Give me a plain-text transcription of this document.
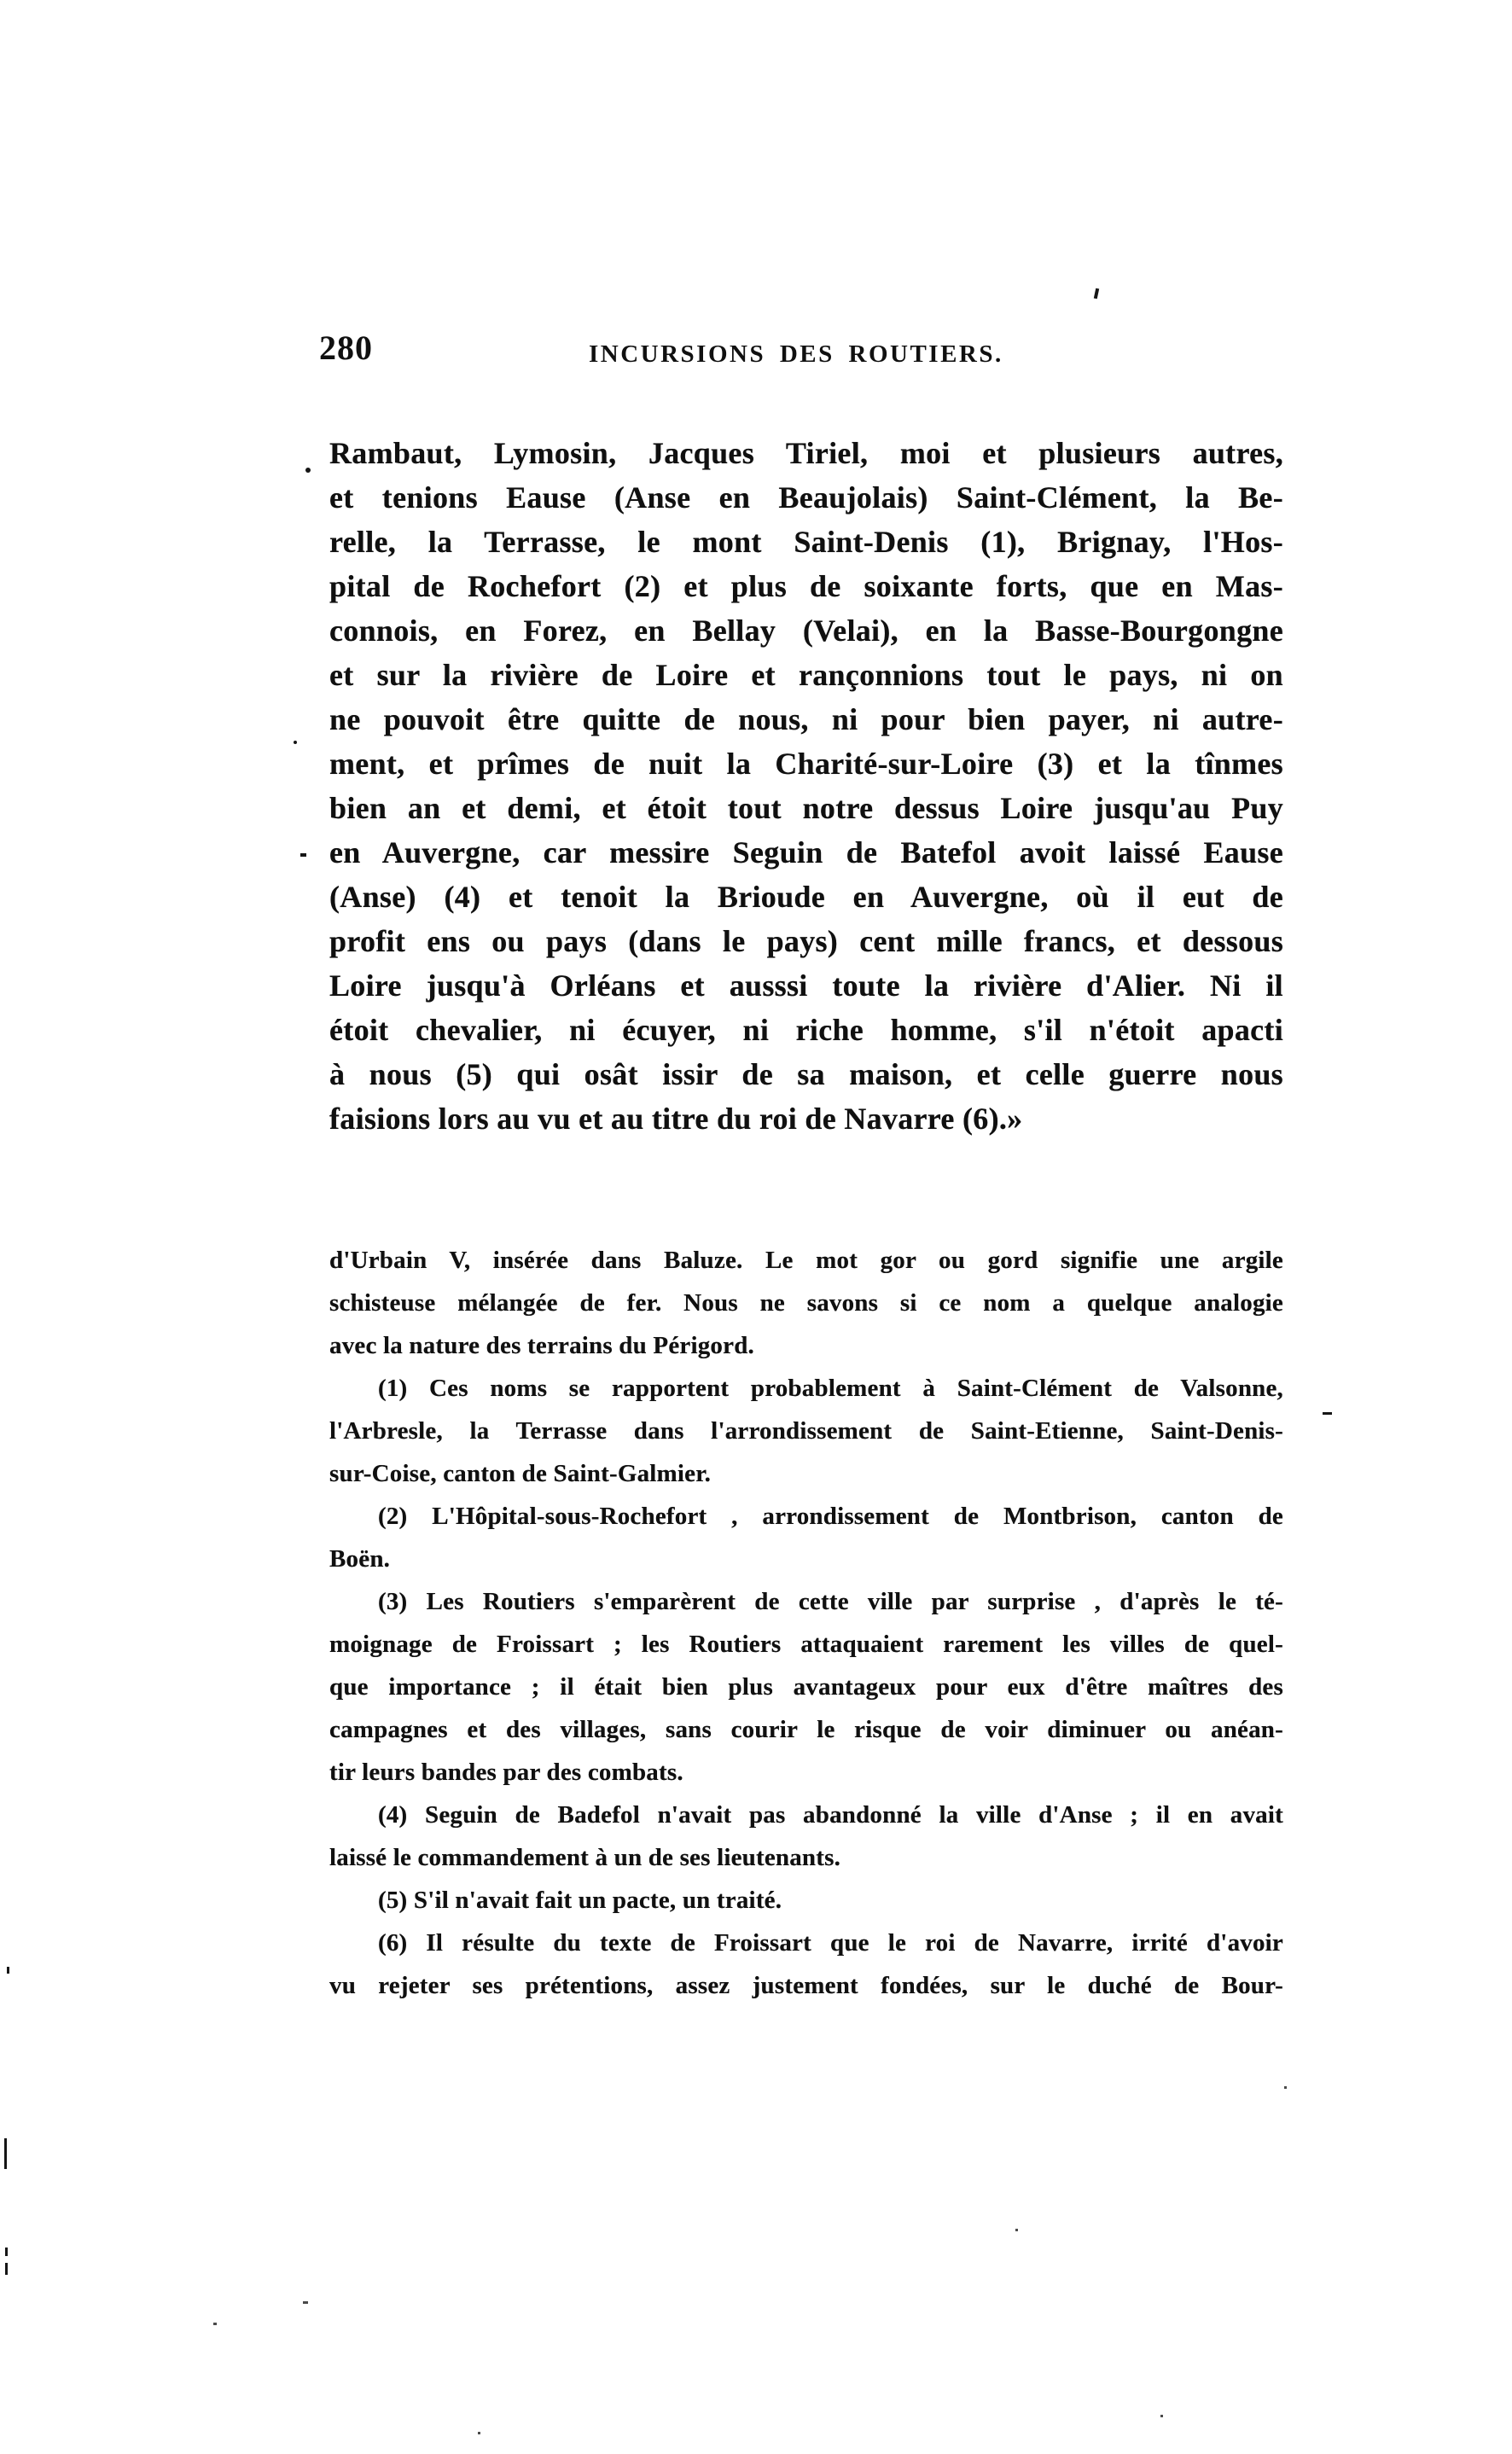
280	INCURSIONS DES ROUTIERS.
Rambaut, Lymosin, Jacques Tiriel, moi et plusieurs autres,
et tenions Eause (Anse en Beaujolais) Saint-Clément, la Be-
relle, la Terrasse, le mont Saint-Denis (1), Brignay, l'Hos-
pital de Rochefort (2) et plus de soixante forts, que en Mas-
connois, en Forez, en Bellay (Velai), en la Basse-Bourgongne
et sur la rivière de Loire et rançonnions tout le pays, ni on
ne pouvoit être quitte de nous, ni pour bien payer, ni autre-
ment, et prîmes de nuit la Charité-sur-Loire (3) et la tînmes
bien an et demi, et étoit tout notre dessus Loire jusqu'au Puy
en Auvergne, car messire Seguin de Batefol avoit laissé Eause
(Anse) (4) et tenoit la Brioude en Auvergne, où il eut de
profit ens ou pays (dans le pays) cent mille francs, et dessous
Loire jusqu'à Orléans et ausssi toute la rivière d'Alier. Ni il
étoit chevalier, ni écuyer, ni riche homme, s'il n'étoit apacti
à nous (5) qui osât issir de sa maison, et celle guerre nous
faisions lors au vu et au titre du roi de Navarre (6).»
d'Urbain V, insérée dans Baluze. Le mot gor ou gord signifie une argile
schisteuse mélangée de fer. Nous ne savons si ce nom a quelque analogie
avec la nature des terrains du Périgord.
(1) Ces noms se rapportent probablement à Saint-Clément de Valsonne,
l'Arbresle, la Terrasse dans l'arrondissement de Saint-Etienne, Saint-Denis-
sur-Coise, canton de Saint-Galmier.
(2) L'Hôpital-sous-Rochefort , arrondissement de Montbrison, canton de
Boën.
(3) Les Routiers s'emparèrent de cette ville par surprise , d'après le té-
moignage de Froissart ; les Routiers attaquaient rarement les villes de quel-
que importance ; il était bien plus avantageux pour eux d'être maîtres des
campagnes et des villages, sans courir le risque de voir diminuer ou anéan-
tir leurs bandes par des combats.
(4) Seguin de Badefol n'avait pas abandonné la ville d'Anse ; il en avait
laissé le commandement à un de ses lieutenants.
(5) S'il n'avait fait un pacte, un traité.
(6) Il résulte du texte de Froissart que le roi de Navarre, irrité d'avoir
vu rejeter ses prétentions, assez justement fondées, sur le duché de Bour-
